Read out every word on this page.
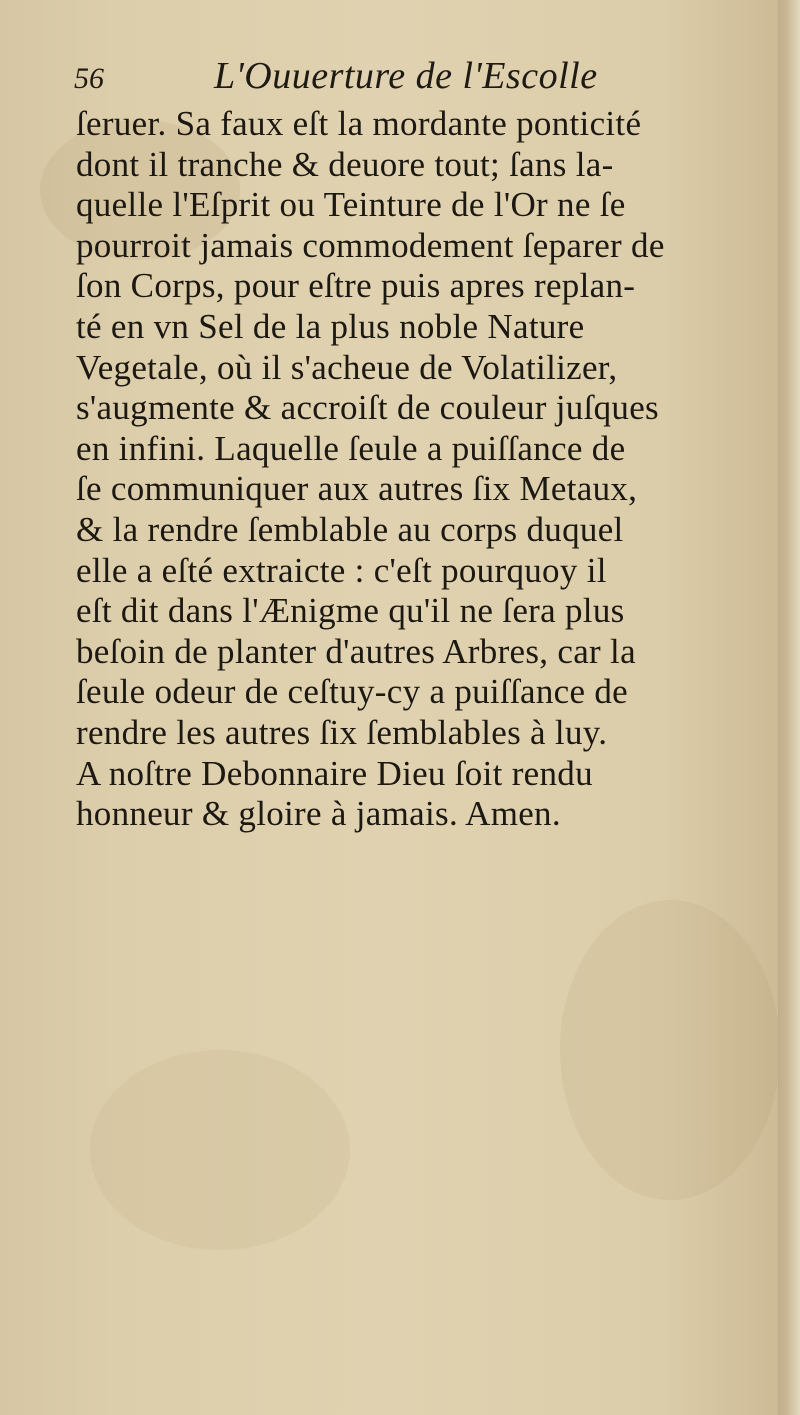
56	L'Ouuerture de l'Escolle
ſeruer. Sa faux eſt la mordante ponticité
dont il tranche & deuore tout; ſans la-
quelle l'Eſprit ou Teinture de l'Or ne ſe
pourroit jamais commodement ſeparer de
ſon Corps, pour eſtre puis apres replan-
té en vn Sel de la plus noble Nature
Vegetale, où il s'acheue de Volatilizer,
s'augmente & accroiſt de couleur juſques
en infini. Laquelle ſeule a puiſſance de
ſe communiquer aux autres ſix Metaux,
& la rendre ſemblable au corps duquel
elle a eſté extraicte : c'eſt pourquoy il
eſt dit dans l'Ænigme qu'il ne ſera plus
beſoin de planter d'autres Arbres, car la
ſeule odeur de ceſtuy-cy a puiſſance de
rendre les autres ſix ſemblables à luy.
A noſtre Debonnaire Dieu ſoit rendu
honneur & gloire à jamais. Amen.
